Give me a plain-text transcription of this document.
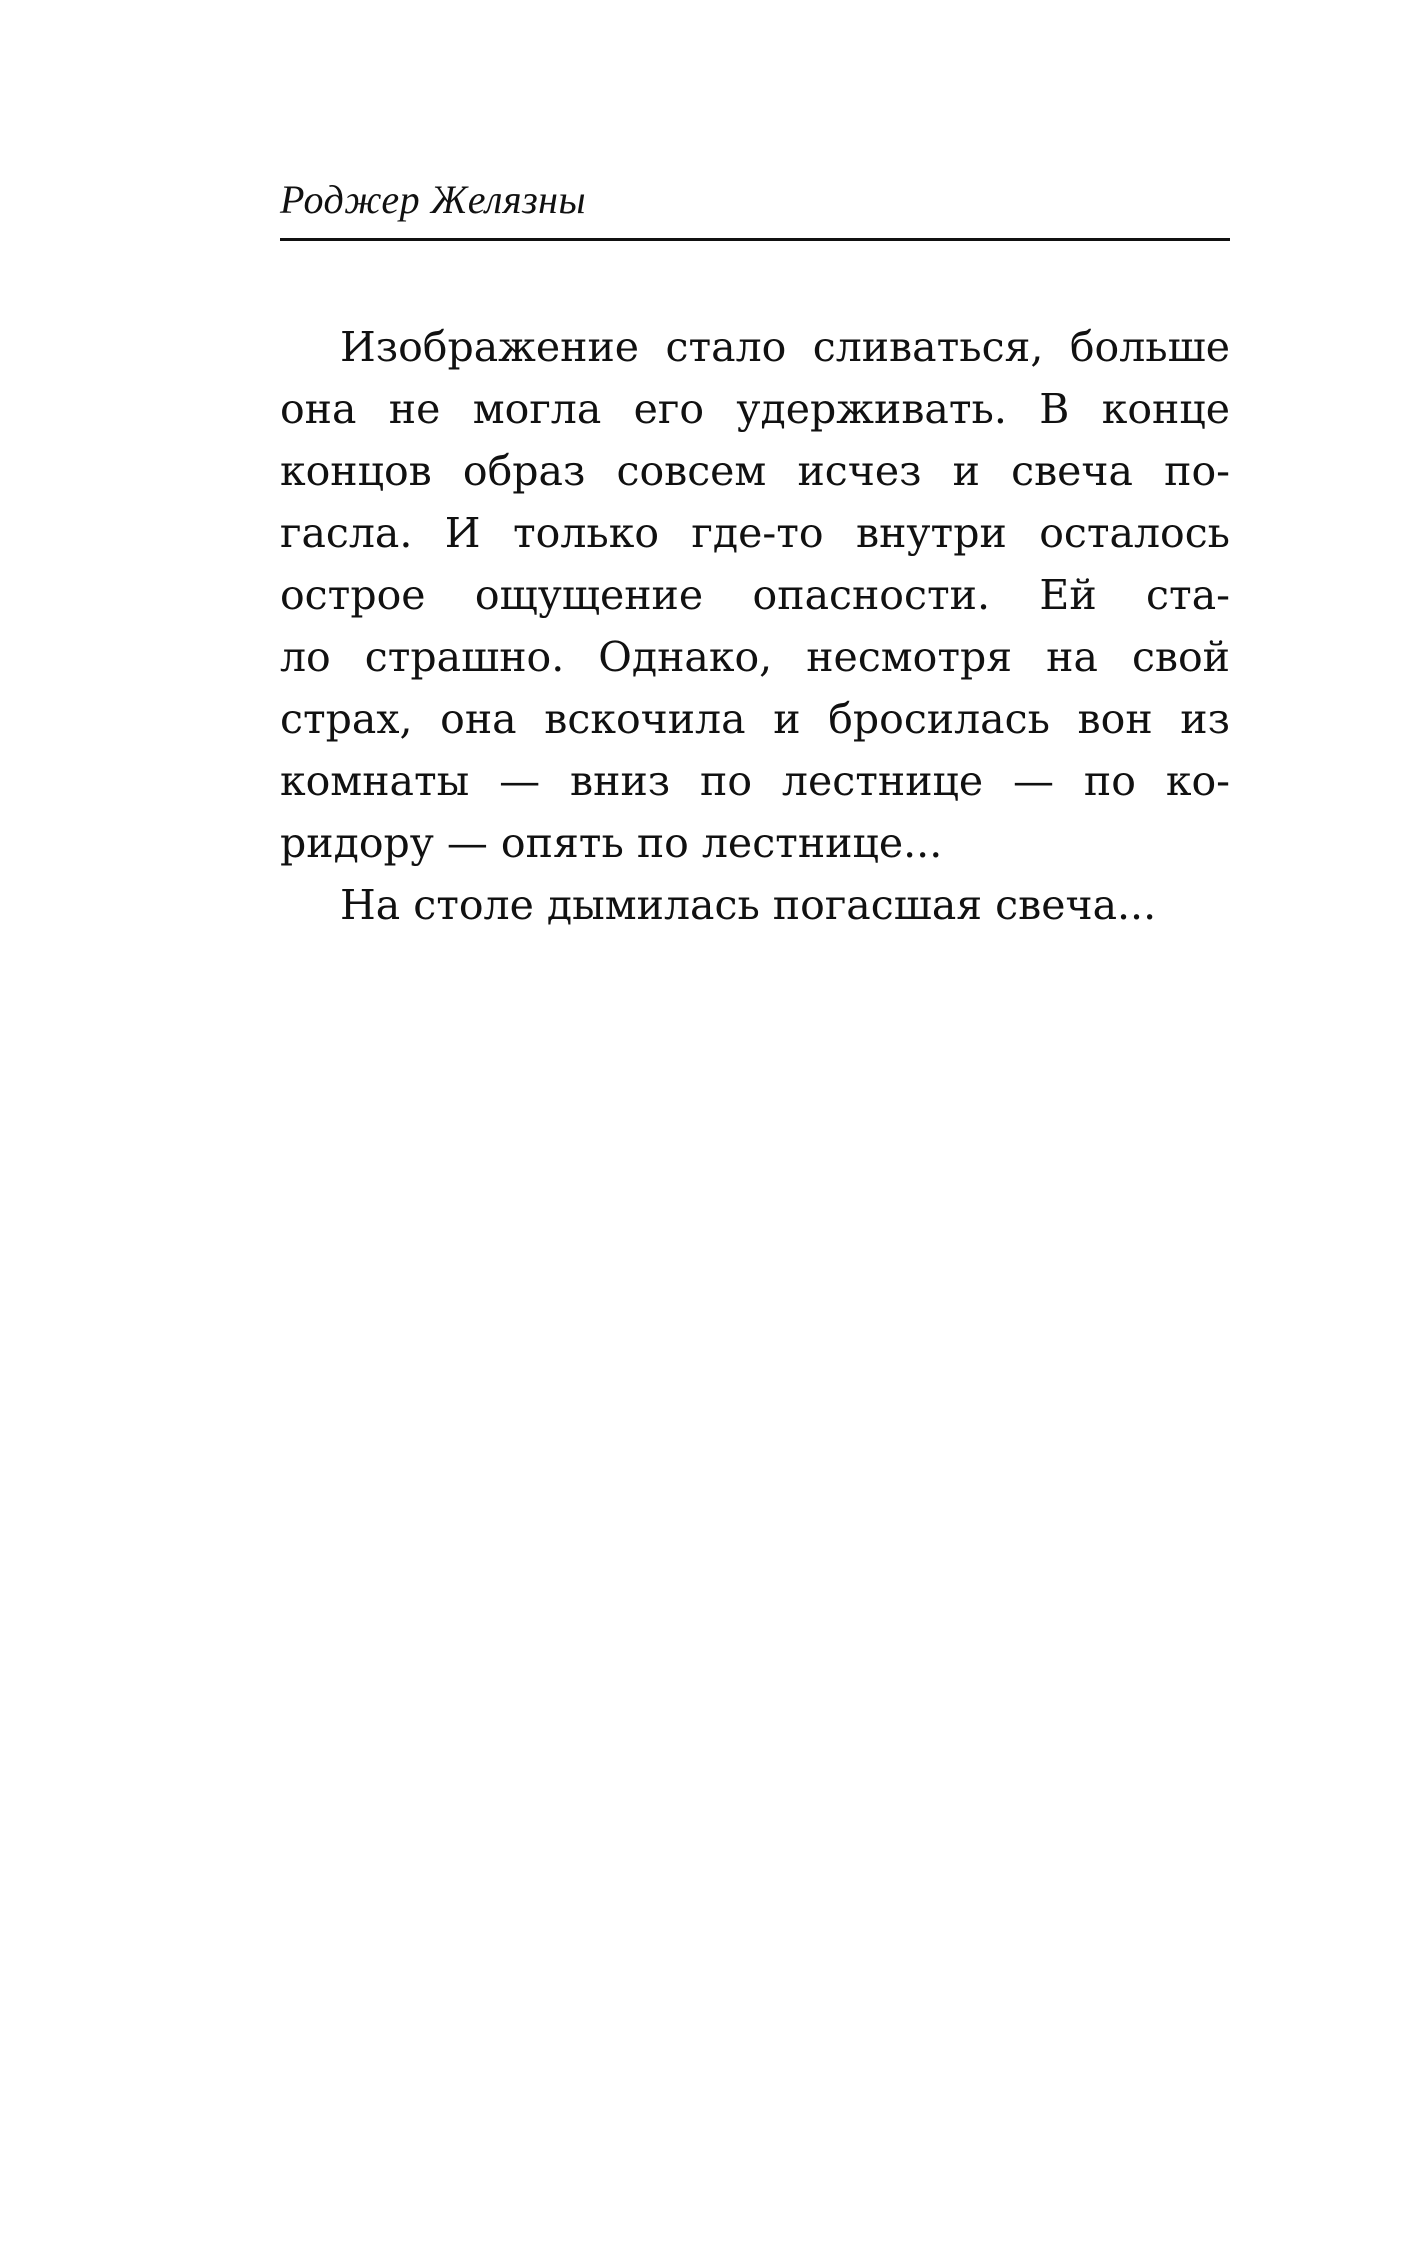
Роджер Желязны
Изображение стало сливаться, больше
она не могла его удерживать. В конце
концов образ совсем исчез и свеча по-
гасла. И только где-то внутри осталось
острое ощущение опасности. Ей ста-
ло страшно. Однако, несмотря на свой
страх, она вскочила и бросилась вон из
комнаты — вниз по лестнице — по ко-
ридору — опять по лестнице...
На столе дымилась погасшая свеча...
